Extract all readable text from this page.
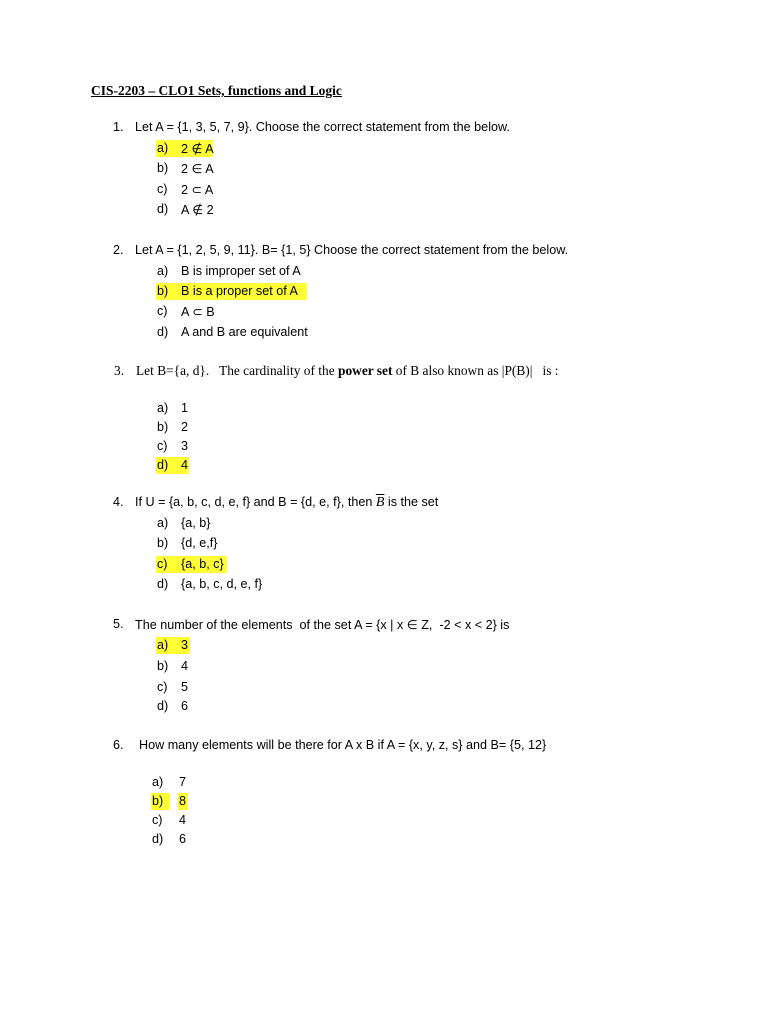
CIS-2203 – CLO1 Sets, functions and Logic
1. Let A = {1, 3, 5, 7, 9}. Choose the correct statement from the below.
a) 2 ∉ A
b) 2 ∈ A
c) 2 ⊂ A
d) A ∉ 2
2. Let A = {1, 2, 5, 9, 11}. B= {1, 5} Choose the correct statement from the below.
a) B is improper set of A
b) B is a proper set of A
c) A ⊂ B
d) A and B are equivalent
3. Let B={a, d}.   The cardinality of the power set of B also known as |P(B)|   is :
a) 1
b) 2
c) 3
d) 4
4. If U = {a, b, c, d, e, f} and B = {d, e, f}, then $\overline{B}$ is the set
a) {a, b}
b) {d, e,f}
c) {a, b, c}
d) {a, b, c, d, e, f}
5. The number of the elements  of the set A = {x | x ∈ Z,  -2 < x < 2} is
a) 3
b) 4
c) 5
d) 6
6. How many elements will be there for A x B if A = {x, y, z, s} and B= {5, 12}
a) 7
b) 8
c) 4
d) 6
